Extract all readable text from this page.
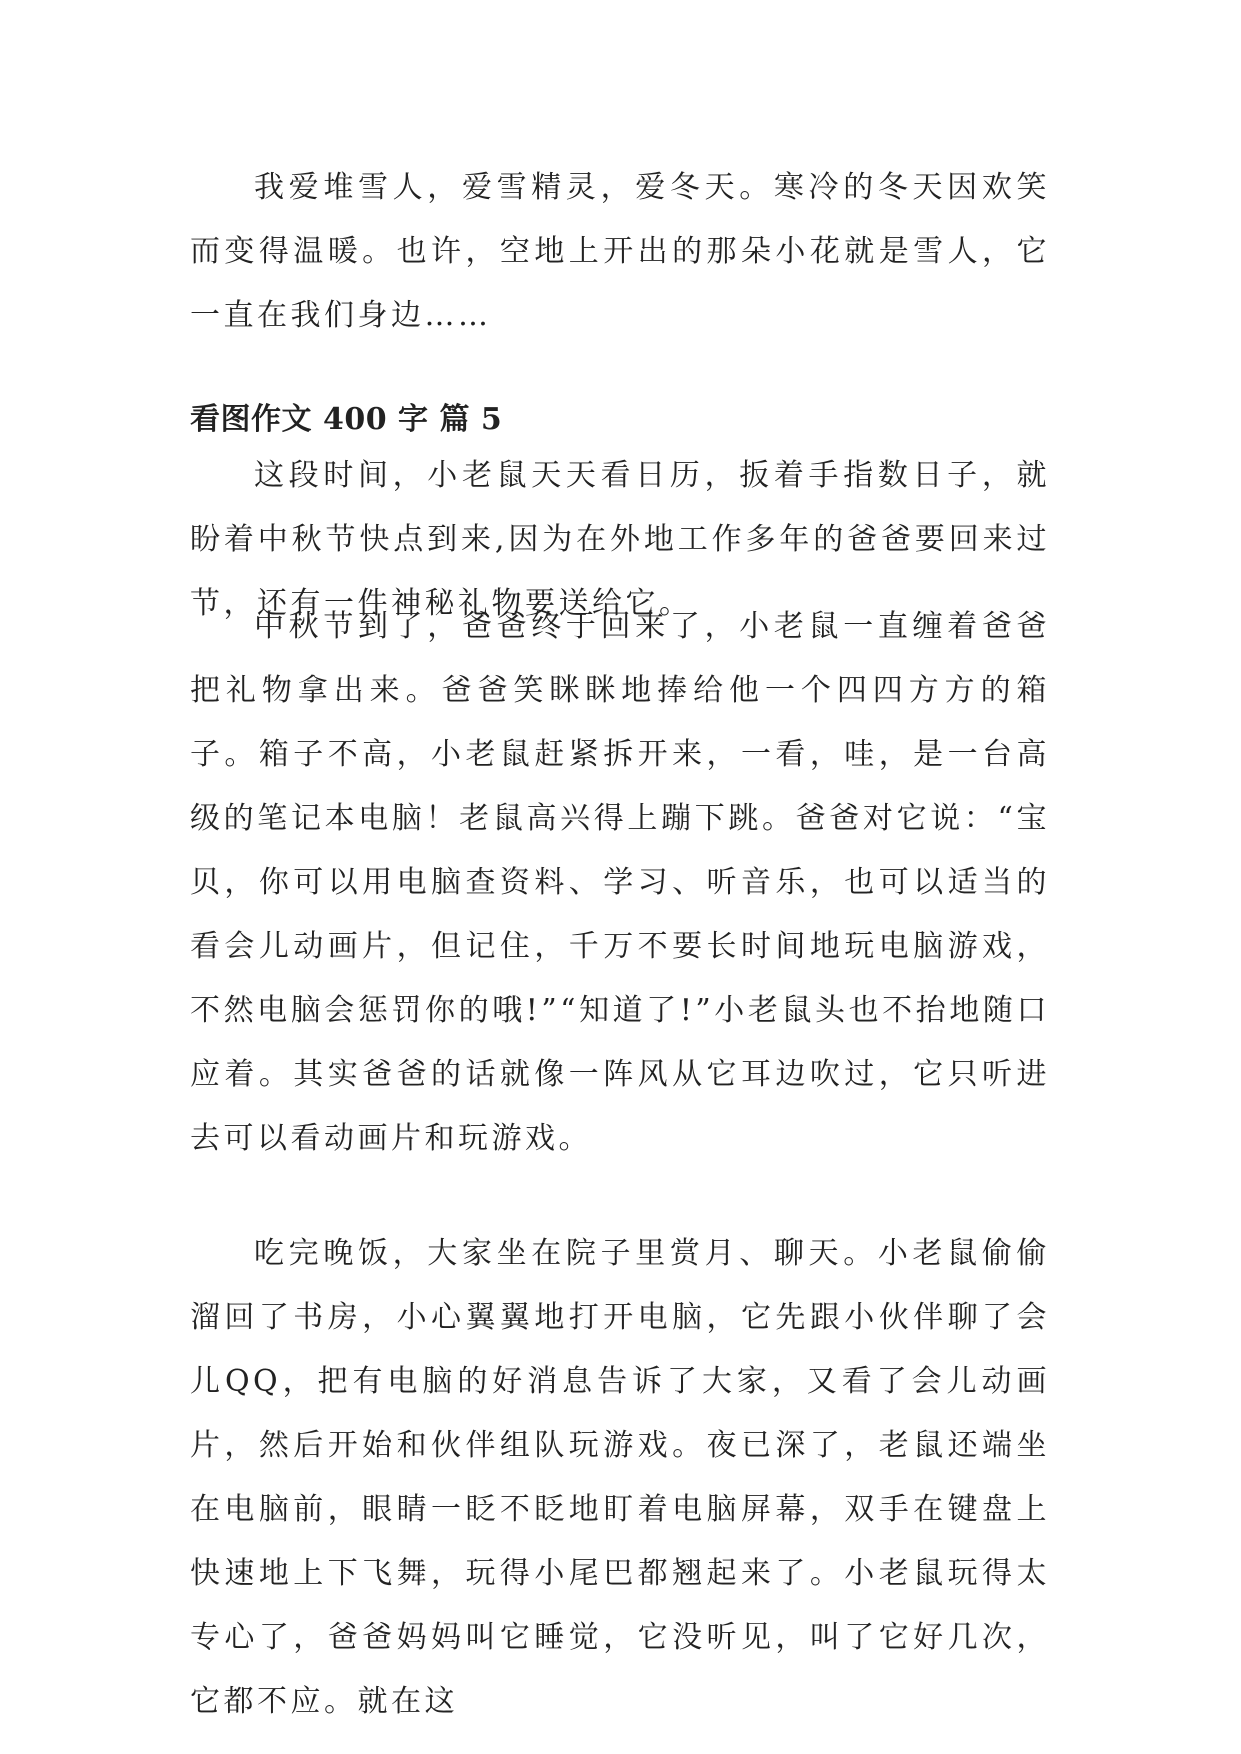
我爱堆雪人，爱雪精灵，爱冬天。寒冷的冬天因欢笑而变得温暖。也许，空地上开出的那朵小花就是雪人，它一直在我们身边……

看图作文 400 字 篇 5

这段时间，小老鼠天天看日历，扳着手指数日子，就盼着中秋节快点到来,因为在外地工作多年的爸爸要回来过节，还有一件神秘礼物要送给它。

中秋节到了，爸爸终于回来了，小老鼠一直缠着爸爸把礼物拿出来。爸爸笑眯眯地捧给他一个四四方方的箱子。箱子不高，小老鼠赶紧拆开来，一看，哇，是一台高级的笔记本电脑！老鼠高兴得上蹦下跳。爸爸对它说：“宝贝，你可以用电脑查资料、学习、听音乐，也可以适当的看会儿动画片，但记住，千万不要长时间地玩电脑游戏，不然电脑会惩罚你的哦!”“知道了!”小老鼠头也不抬地随口应着。其实爸爸的话就像一阵风从它耳边吹过，它只听进去可以看动画片和玩游戏。

吃完晚饭，大家坐在院子里赏月、聊天。小老鼠偷偷溜回了书房，小心翼翼地打开电脑，它先跟小伙伴聊了会儿QQ，把有电脑的好消息告诉了大家，又看了会儿动画片，然后开始和伙伴组队玩游戏。夜已深了，老鼠还端坐在电脑前，眼睛一眨不眨地盯着电脑屏幕，双手在键盘上快速地上下飞舞，玩得小尾巴都翘起来了。小老鼠玩得太专心了，爸爸妈妈叫它睡觉，它没听见，叫了它好几次，它都不应。就在这
